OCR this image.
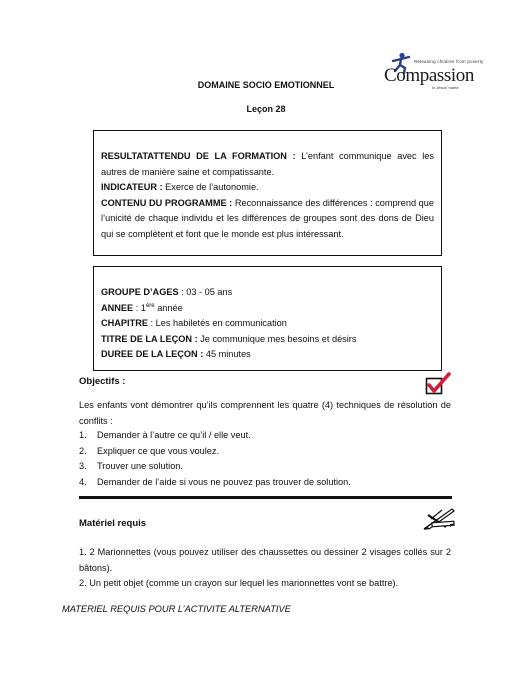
Releasing children from poverty
Compassion
in Jesus' name
DOMAINE SOCIO EMOTIONNEL
Leçon 28

RESULTATATTENDU DE LA FORMATION : L’enfant communique avec les autres de manière saine et compatissante.

INDICATEUR : Exerce de l’autonomie.

CONTENU DU PROGRAMME : Reconnaissance des différences : comprend que l’unicité de chaque individu et les différences de groupes sont des dons de Dieu qui se complètent et font que le monde est plus intéressant.

GROUPE D’AGES : 03 - 05 ans

ANNEE : 1ère année

CHAPITRE : Les habiletés en communication

TITRE DE LA LEÇON : Je communique mes besoins et désirs

DUREE DE LA LEÇON : 45 minutes

Objectifs :
Les enfants vont démontrer qu’ils comprennent les quatre (4) techniques de résolution de conflits :
1. Demander à l’autre ce qu’il / elle veut.
2. Expliquer ce que vous voulez.
3. Trouver une solution.
4. Demander de l’aide si vous ne pouvez pas trouver de solution.
Matériel requis

1. 2 Marionnettes (vous pouvez utiliser des chaussettes ou dessiner 2 visages collés sur 2 bâtons).

2. Un petit objet (comme un crayon sur lequel les marionnettes vont se battre).

MATERIEL REQUIS POUR L’ACTIVITE ALTERNATIVE
